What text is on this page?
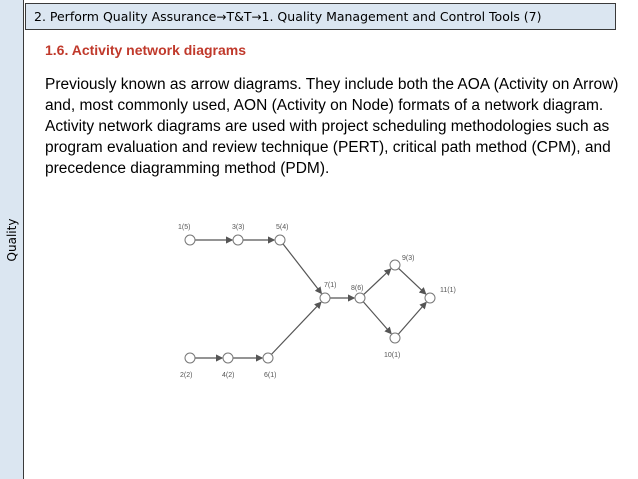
Quality
2. Perform Quality Assurance→T&T→1. Quality Management and Control Tools (7)
1.6. Activity network diagrams
Previously known as arrow diagrams. They include both the AOA (Activity on Arrow) and, most commonly used, AON (Activity on Node) formats of a network diagram. Activity network diagrams are used with project scheduling methodologies such as program evaluation and review technique (PERT), critical path method (CPM), and precedence diagramming method (PDM).
1(5)	3(3)	5(4)
7(1) 8(6)
9(3)
10(1)
11(1)
2(2)	4(2)	6(1)
